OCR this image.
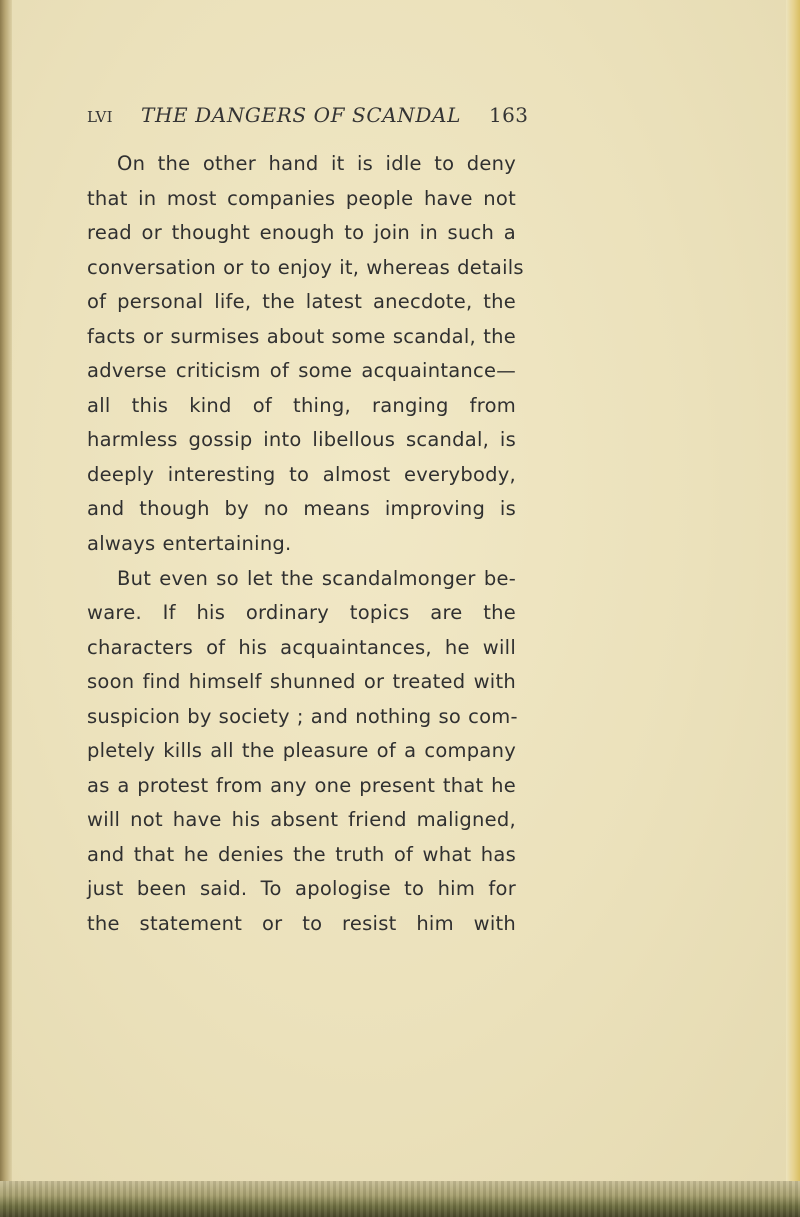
LVI THE DANGERS OF SCANDAL 163
On the other hand it is idle to deny
that in most companies people have not
read or thought enough to join in such a
conversation or to enjoy it, whereas details
of personal life, the latest anecdote, the
facts or surmises about some scandal, the
adverse criticism of some acquaintance—
all this kind of thing, ranging from
harmless gossip into libellous scandal, is
deeply interesting to almost everybody,
and though by no means improving is
always entertaining.
But even so let the scandalmonger be-
ware. If his ordinary topics are the
characters of his acquaintances, he will
soon find himself shunned or treated with
suspicion by society ; and nothing so com-
pletely kills all the pleasure of a company
as a protest from any one present that he
will not have his absent friend maligned,
and that he denies the truth of what has
just been said. To apologise to him for
the statement or to resist him with
